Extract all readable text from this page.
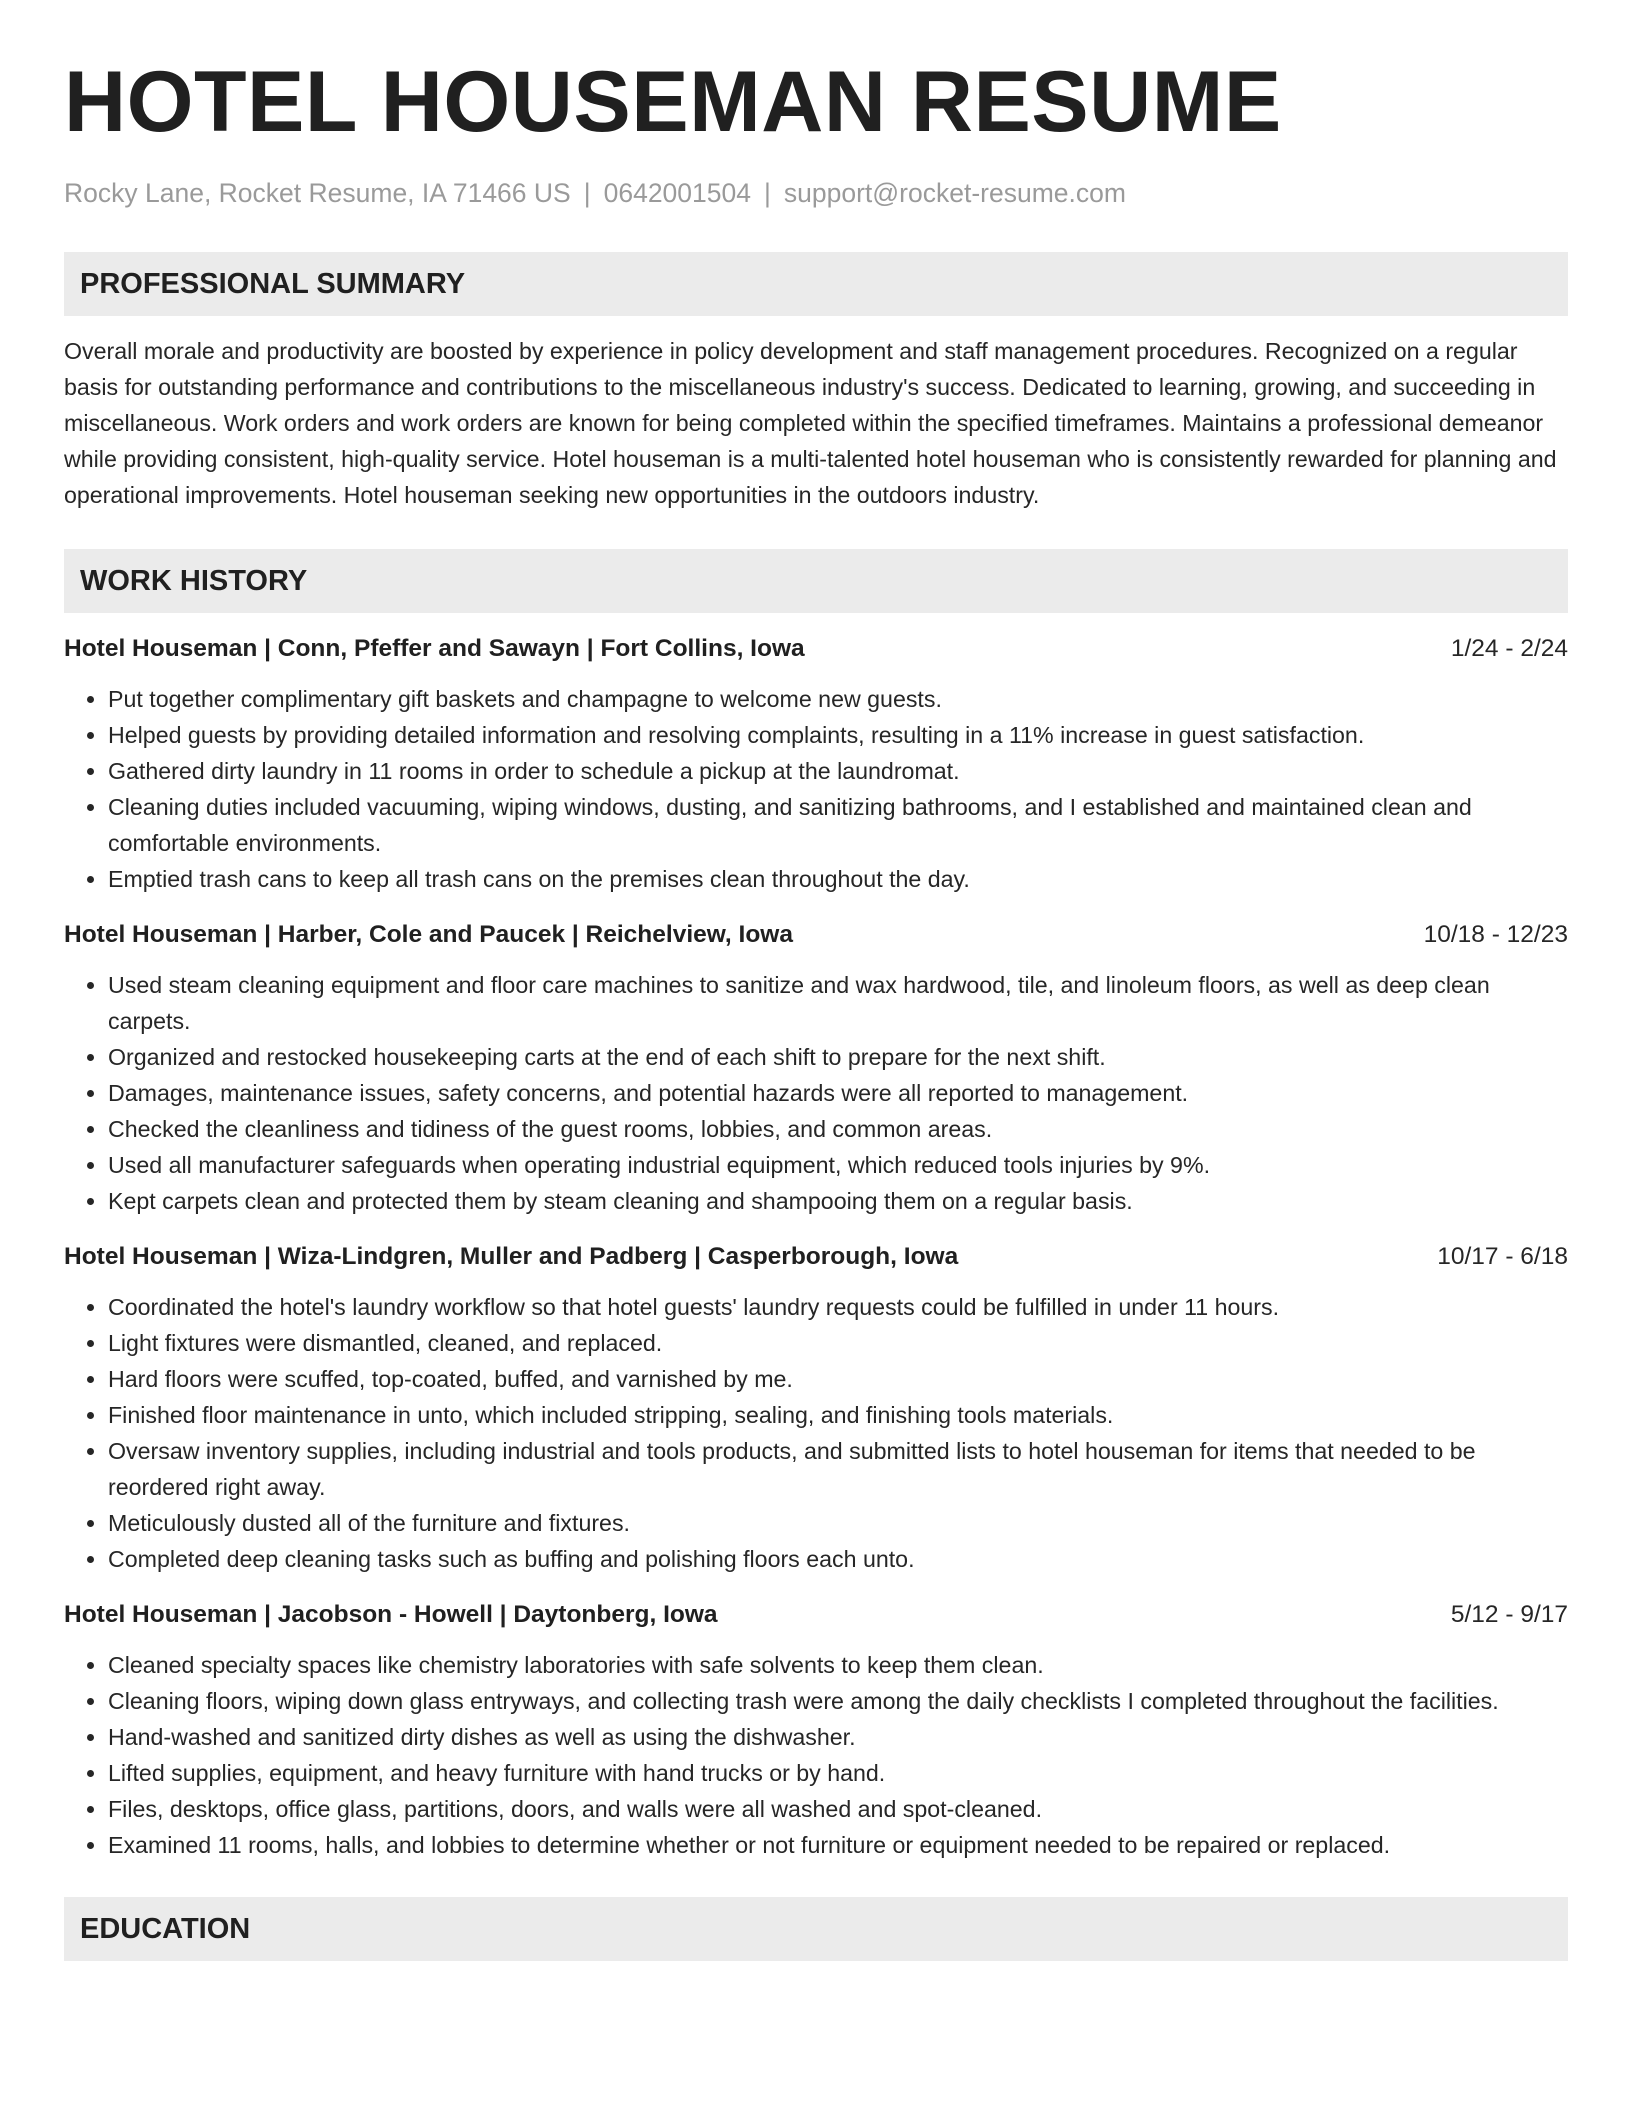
HOTEL HOUSEMAN RESUME
Rocky Lane, Rocket Resume, IA 71466 US | 0642001504 | support@rocket-resume.com
PROFESSIONAL SUMMARY

Overall morale and productivity are boosted by experience in policy development and staff management procedures. Recognized on a regular basis for outstanding performance and contributions to the miscellaneous industry's success. Dedicated to learning, growing, and succeeding in miscellaneous. Work orders and work orders are known for being completed within the specified timeframes. Maintains a professional demeanor while providing consistent, high-quality service. Hotel houseman is a multi-talented hotel houseman who is consistently rewarded for planning and operational improvements. Hotel houseman seeking new opportunities in the outdoors industry.

WORK HISTORY
Hotel Houseman | Conn, Pfeffer and Sawayn | Fort Collins, Iowa	1/24 - 2/24
• Put together complimentary gift baskets and champagne to welcome new guests.
• Helped guests by providing detailed information and resolving complaints, resulting in a 11% increase in guest satisfaction.
• Gathered dirty laundry in 11 rooms in order to schedule a pickup at the laundromat.
• Cleaning duties included vacuuming, wiping windows, dusting, and sanitizing bathrooms, and I established and maintained clean and comfortable environments.
• Emptied trash cans to keep all trash cans on the premises clean throughout the day.
Hotel Houseman | Harber, Cole and Paucek | Reichelview, Iowa	10/18 - 12/23
• Used steam cleaning equipment and floor care machines to sanitize and wax hardwood, tile, and linoleum floors, as well as deep clean carpets.
• Organized and restocked housekeeping carts at the end of each shift to prepare for the next shift.
• Damages, maintenance issues, safety concerns, and potential hazards were all reported to management.
• Checked the cleanliness and tidiness of the guest rooms, lobbies, and common areas.
• Used all manufacturer safeguards when operating industrial equipment, which reduced tools injuries by 9%.
• Kept carpets clean and protected them by steam cleaning and shampooing them on a regular basis.
Hotel Houseman | Wiza-Lindgren, Muller and Padberg | Casperborough, Iowa	10/17 - 6/18
• Coordinated the hotel's laundry workflow so that hotel guests' laundry requests could be fulfilled in under 11 hours.
• Light fixtures were dismantled, cleaned, and replaced.
• Hard floors were scuffed, top-coated, buffed, and varnished by me.
• Finished floor maintenance in unto, which included stripping, sealing, and finishing tools materials.
• Oversaw inventory supplies, including industrial and tools products, and submitted lists to hotel houseman for items that needed to be reordered right away.
• Meticulously dusted all of the furniture and fixtures.
• Completed deep cleaning tasks such as buffing and polishing floors each unto.
Hotel Houseman | Jacobson - Howell | Daytonberg, Iowa	5/12 - 9/17
• Cleaned specialty spaces like chemistry laboratories with safe solvents to keep them clean.
• Cleaning floors, wiping down glass entryways, and collecting trash were among the daily checklists I completed throughout the facilities.
• Hand-washed and sanitized dirty dishes as well as using the dishwasher.
• Lifted supplies, equipment, and heavy furniture with hand trucks or by hand.
• Files, desktops, office glass, partitions, doors, and walls were all washed and spot-cleaned.
• Examined 11 rooms, halls, and lobbies to determine whether or not furniture or equipment needed to be repaired or replaced.
EDUCATION
